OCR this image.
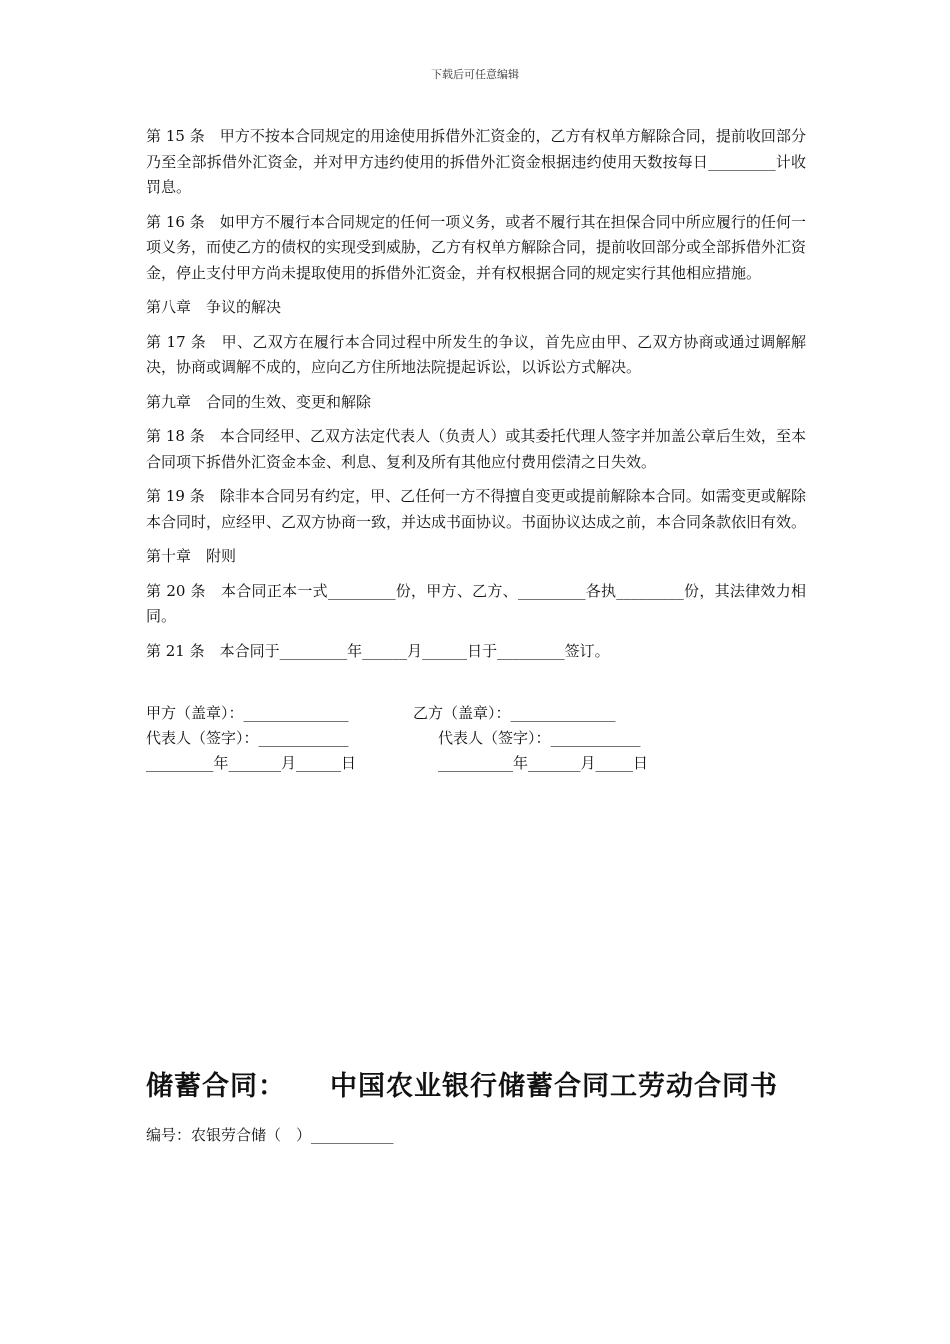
下载后可任意编辑

第 15 条　甲方不按本合同规定的用途使用拆借外汇资金的，乙方有权单方解除合同，提前收回部分乃至全部拆借外汇资金，并对甲方违约使用的拆借外汇资金根据违约使用天数按每日_________计收罚息。

第 16 条　如甲方不履行本合同规定的任何一项义务，或者不履行其在担保合同中所应履行的任何一项义务，而使乙方的债权的实现受到威胁，乙方有权单方解除合同，提前收回部分或全部拆借外汇资金，停止支付甲方尚未提取使用的拆借外汇资金，并有权根据合同的规定实行其他相应措施。

第八章　争议的解决

第 17 条　甲、乙双方在履行本合同过程中所发生的争议，首先应由甲、乙双方协商或通过调解解决，协商或调解不成的，应向乙方住所地法院提起诉讼，以诉讼方式解决。

第九章　合同的生效、变更和解除

第 18 条　本合同经甲、乙双方法定代表人（负责人）或其委托代理人签字并加盖公章后生效，至本合同项下拆借外汇资金本金、利息、复利及所有其他应付费用偿清之日失效。

第 19 条　除非本合同另有约定，甲、乙任何一方不得擅自变更或提前解除本合同。如需变更或解除本合同时，应经甲、乙双方协商一致，并达成书面协议。书面协议达成之前，本合同条款依旧有效。

第十章　附则

第 20 条　本合同正本一式_________份，甲方、乙方、_________各执_________份，其法律效力相同。

第 21 条　本合同于_________年______月______日于_________签订。

甲方（盖章）：______________	乙方（盖章）：______________
代表人（签字）：____________	代表人（签字）：____________
_________年_______月______日	__________年_______月_____日
储蓄合同： 中国农业银行储蓄合同工劳动合同书
编号：农银劳合储（　）___________
